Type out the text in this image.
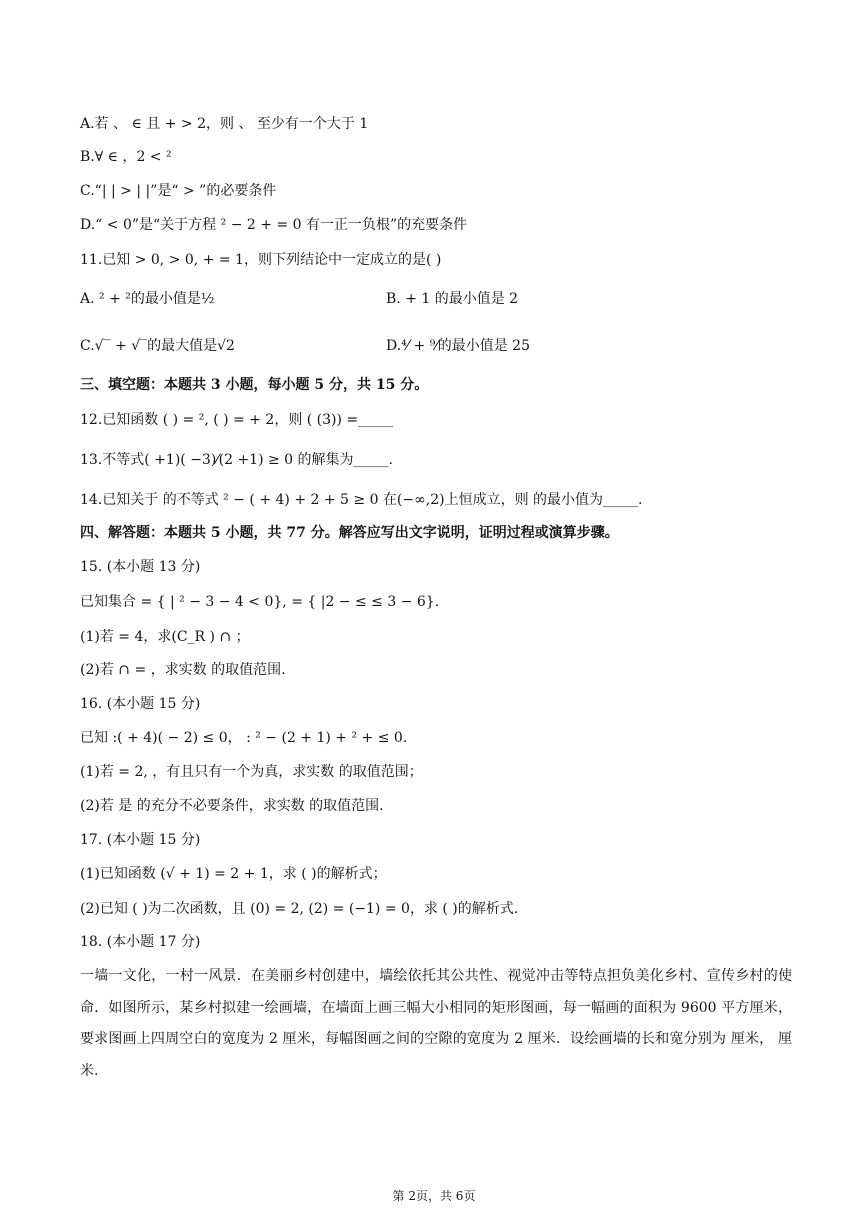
A.若 、 ∈ 且 + > 2，则 、 至少有一个大于 1
B.∀ ∈ ，2 < ²
C.“| | > | |”是“ > ”的必要条件
D.“ < 0”是“关于方程 ² − 2 + = 0 有一正一负根”的充要条件
11.已知 > 0, > 0, + = 1，则下列结论中一定成立的是( )
A. ² + ²的最小值是½	B. + 1 的最小值是 2
C.√‾ + √‾的最大值是√2	D.⁴⁄ + ⁹⁄的最小值是 25
三、填空题：本题共 3 小题，每小题 5 分，共 15 分。
12.已知函数 ( ) = ², ( ) = + 2，则 ( (3)) =_____
13.不等式( +1)( −3)⁄(2 +1) ≥ 0 的解集为_____.
14.已知关于 的不等式 ² − ( + 4) + 2 + 5 ≥ 0 在(−∞,2)上恒成立，则 的最小值为_____.
四、解答题：本题共 5 小题，共 77 分。解答应写出文字说明，证明过程或演算步骤。
15. (本小题 13 分)
已知集合 = { | ² − 3 − 4 < 0}, = { |2 − ≤ ≤ 3 − 6}.
(1)若 = 4，求(C_R ) ∩ ；
(2)若 ∩ = ，求实数 的取值范围.
16. (本小题 15 分)
已知 :( + 4)( − 2) ≤ 0， : ² − (2 + 1) + ² + ≤ 0.
(1)若 = 2, ，有且只有一个为真，求实数 的取值范围；
(2)若 是 的充分不必要条件，求实数 的取值范围.
17. (本小题 15 分)
(1)已知函数 (√ + 1) = 2 + 1，求 ( )的解析式；
(2)已知 ( )为二次函数，且 (0) = 2, (2) = (−1) = 0，求 ( )的解析式.
18. (本小题 17 分)
一墙一文化，一村一风景．在美丽乡村创建中，墙绘依托其公共性、视觉冲击等特点担负美化乡村、宣传乡村的使命．如图所示，某乡村拟建一绘画墙，在墙面上画三幅大小相同的矩形图画，每一幅画的面积为 9600 平方厘米，要求图画上四周空白的宽度为 2 厘米，每幅图画之间的空隙的宽度为 2 厘米．设绘画墙的长和宽分别为 厘米， 厘米.
第 2页，共 6页
